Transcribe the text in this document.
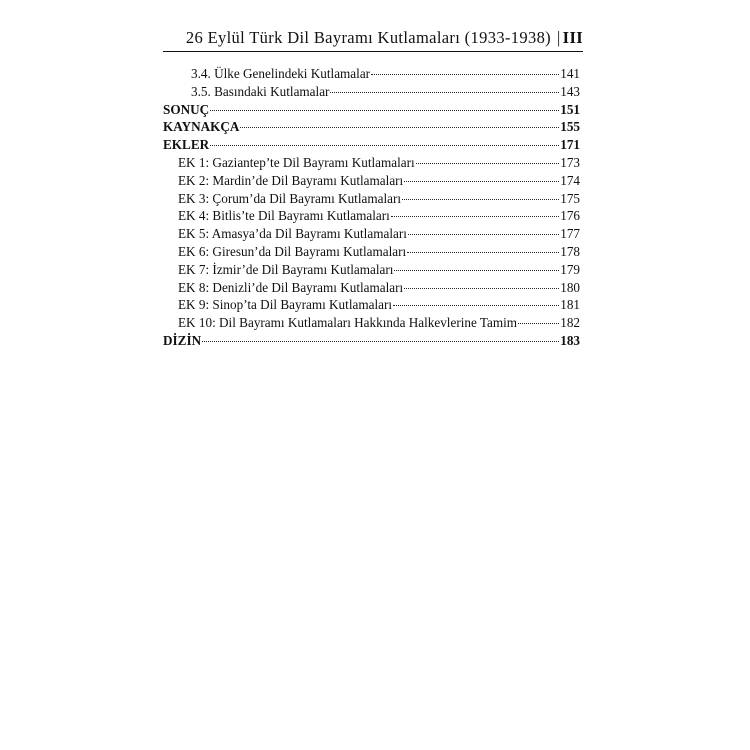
26 Eylül Türk Dil Bayramı Kutlamaları (1933-1938) | III
3.4. Ülke Genelindeki Kutlamalar	141
3.5. Basındaki Kutlamalar	143
SONUÇ	151
KAYNAKÇA	155
EKLER	171
EK 1: Gaziantep’te Dil Bayramı Kutlamaları	173
EK 2: Mardin’de Dil Bayramı Kutlamaları	174
EK 3: Çorum’da Dil Bayramı Kutlamaları	175
EK 4: Bitlis’te Dil Bayramı Kutlamaları	176
EK 5: Amasya’da Dil Bayramı Kutlamaları	177
EK 6: Giresun’da Dil Bayramı Kutlamaları	178
EK 7: İzmir’de Dil Bayramı Kutlamaları	179
EK 8: Denizli’de Dil Bayramı Kutlamaları	180
EK 9: Sinop’ta Dil Bayramı Kutlamaları	181
EK 10: Dil Bayramı Kutlamaları Hakkında Halkevlerine Tamim	182
DİZİN	183
